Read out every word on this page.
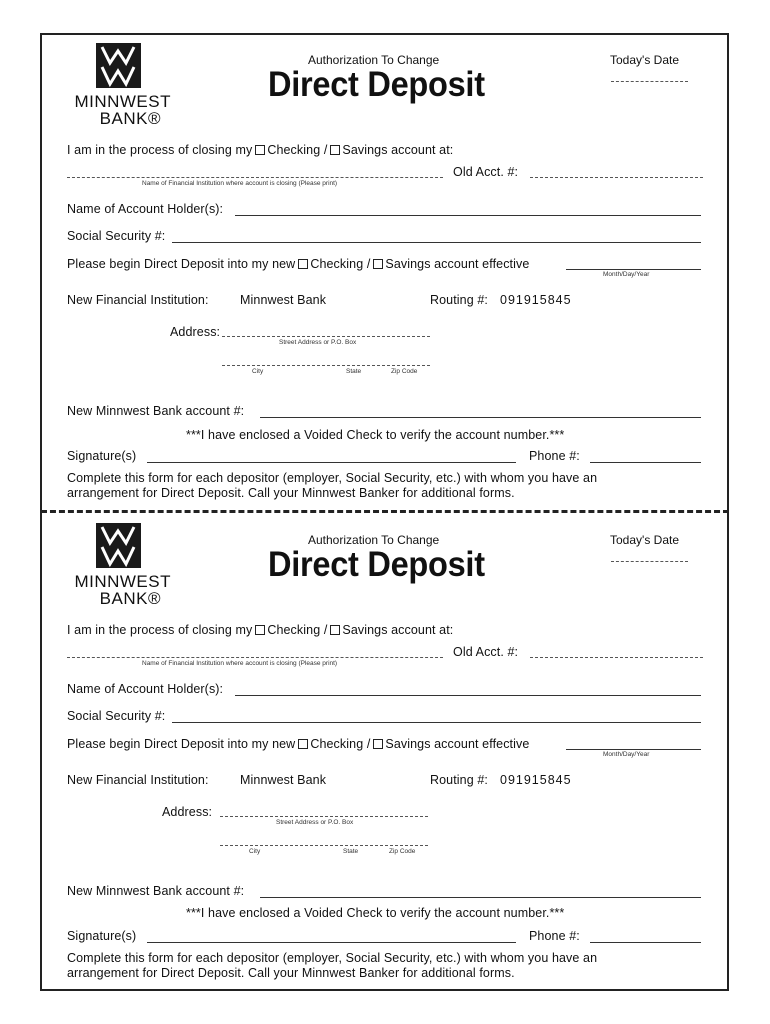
MINNWEST
BANK®
Authorization To Change
Direct Deposit
Today's Date
I am in the process of closing my Checking / Savings account at:
Name of Financial Institution where account is closing (Please print)
Old Acct. #:
Name of Account Holder(s):
Social Security #:
Please begin Direct Deposit into my new Checking / Savings account effective
Month/Day/Year
New Financial Institution:	Minnwest Bank	Routing #: 091915845
Address:
Street Address or P.O. Box
City	State	Zip Code
New Minnwest Bank account #:
***I have enclosed a Voided Check to verify the account number.***
Signature(s)	Phone #:
Complete this form for each depositor (employer, Social Security, etc.) with whom you have an
arrangement for Direct Deposit. Call your Minnwest Banker for additional forms.
MINNWEST
BANK®
Authorization To Change
Direct Deposit
Today's Date
I am in the process of closing my Checking / Savings account at:
Name of Financial Institution where account is closing (Please print)
Old Acct. #:
Name of Account Holder(s):
Social Security #:
Please begin Direct Deposit into my new Checking / Savings account effective
Month/Day/Year
New Financial Institution:	Minnwest Bank	Routing #: 091915845
Address:
Street Address or P.O. Box
City	State	Zip Code
New Minnwest Bank account #:
***I have enclosed a Voided Check to verify the account number.***
Signature(s)	Phone #:
Complete this form for each depositor (employer, Social Security, etc.) with whom you have an
arrangement for Direct Deposit. Call your Minnwest Banker for additional forms.
